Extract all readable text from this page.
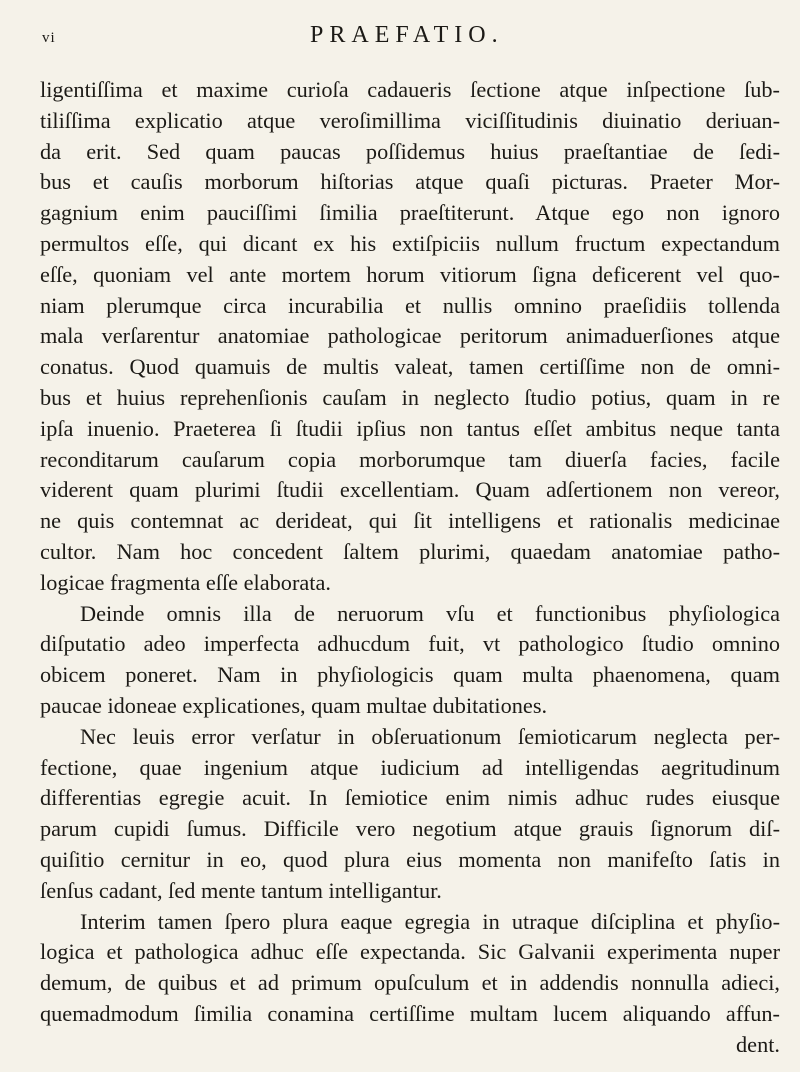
vi	PRAEFATIO.
ligentiſſima et maxime curioſa cadaueris ſectione atque inſpectione ſub-
tiliſſima explicatio atque veroſimillima viciſſitudinis diuinatio deriuan-
da erit. Sed quam paucas poſſidemus huius praeſtantiae de ſedi-
bus et cauſis morborum hiſtorias atque quaſi picturas. Praeter Mor-
gagnium enim pauciſſimi ſimilia praeſtiterunt. Atque ego non ignoro
permultos eſſe, qui dicant ex his extiſpiciis nullum fructum expectandum
eſſe, quoniam vel ante mortem horum vitiorum ſigna deficerent vel quo-
niam plerumque circa incurabilia et nullis omnino praeſidiis tollenda
mala verſarentur anatomiae pathologicae peritorum animaduerſiones atque
conatus. Quod quamuis de multis valeat, tamen certiſſime non de omni-
bus et huius reprehenſionis cauſam in neglecto ſtudio potius, quam in re
ipſa inuenio. Praeterea ſi ſtudii ipſius non tantus eſſet ambitus neque tanta
reconditarum cauſarum copia morborumque tam diuerſa facies, facile
viderent quam plurimi ſtudii excellentiam. Quam adſertionem non vereor,
ne quis contemnat ac derideat, qui ſit intelligens et rationalis medicinae
cultor. Nam hoc concedent ſaltem plurimi, quaedam anatomiae patho-
logicae fragmenta eſſe elaborata.
Deinde omnis illa de neruorum vſu et functionibus phyſiologica
diſputatio adeo imperfecta adhucdum fuit, vt pathologico ſtudio omnino
obicem poneret. Nam in phyſiologicis quam multa phaenomena, quam
paucae idoneae explicationes, quam multae dubitationes.
Nec leuis error verſatur in obſeruationum ſemioticarum neglecta per-
fectione, quae ingenium atque iudicium ad intelligendas aegritudinum
differentias egregie acuit. In ſemiotice enim nimis adhuc rudes eiusque
parum cupidi ſumus. Difficile vero negotium atque grauis ſignorum diſ-
quiſitio cernitur in eo, quod plura eius momenta non manifeſto ſatis in
ſenſus cadant, ſed mente tantum intelligantur.
Interim tamen ſpero plura eaque egregia in utraque diſciplina et phyſio-
logica et pathologica adhuc eſſe expectanda. Sic Galvanii experimenta nuper
demum, de quibus et ad primum opuſculum et in addendis nonnulla adieci,
quemadmodum ſimilia conamina certiſſime multam lucem aliquando affun-
dent.
